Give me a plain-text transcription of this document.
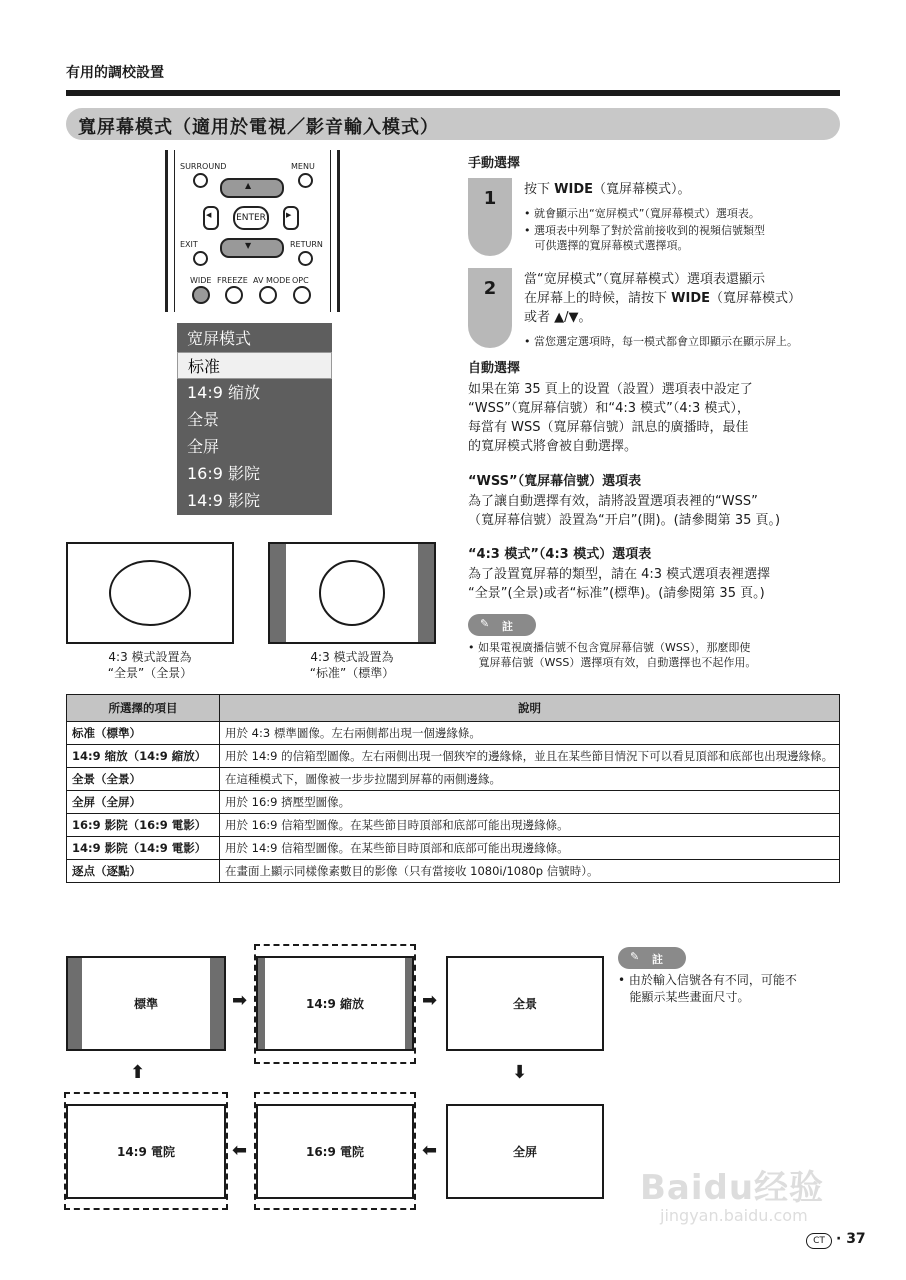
有用的調校設置
寬屏幕模式（適用於電視／影音輸入模式）
SURROUND	MENU
▲
◀	ENTER	▶
▼
EXIT	RETURN
WIDE FREEZE AV MODE OPC
宽屏模式
标准
14:9 缩放
全景
全屏
16:9 影院
14:9 影院
4:3 模式設置為
“全景”（全景）
4:3 模式設置為
“标准”（標準）
手動選擇
1	按下 WIDE（寬屏幕模式）。
• 就會顯示出“宽屏模式”（寬屏幕模式）選項表。
• 選項表中列舉了對於當前接收到的視頻信號類型
可供選擇的寬屏幕模式選擇項。
2	當“宽屏模式”（寬屏幕模式）選項表還顯示
在屏幕上的時候，請按下 WIDE（寬屏幕模式）
或者 ▲/▼。
• 當您選定選項時，每一模式都會立即顯示在顯示屏上。
自動選擇
如果在第 35 頁上的设置（設置）選項表中設定了
“WSS”（寬屏幕信號）和“4:3 模式”（4:3 模式），
每當有 WSS（寬屏幕信號）訊息的廣播時，最佳
的寬屏模式將會被自動選擇。
“WSS”（寬屏幕信號）選項表
為了讓自動選擇有效，請將設置選項表裡的“WSS”
（寬屏幕信號）設置為“开启”(開)。(請參閱第 35 頁。)
“4:3 模式”（4:3 模式）選項表
為了設置寬屏幕的類型，請在 4:3 模式選項表裡選擇
“全景”(全景)或者“标准”(標準)。(請參閱第 35 頁。)
✎ 註
• 如果電視廣播信號不包含寬屏幕信號（WSS），那麼即使
寬屏幕信號（WSS）選擇項有效，自動選擇也不起作用。
所選擇的項目	說明
标准（標準）	用於 4:3 標準圖像。左右兩側都出現一個邊緣條。
14:9 缩放（14:9 縮放）	用於 14:9 的信箱型圖像。左右兩側出現一個狹窄的邊緣條，並且在某些節目情況下可以看見頂部和底部也出現邊緣條。
全景（全景）	在這種模式下，圖像被一步步拉闊到屏幕的兩側邊緣。
全屏（全屏）	用於 16:9 擠壓型圖像。
16:9 影院（16:9 電影）	用於 16:9 信箱型圖像。在某些節目時頂部和底部可能出現邊緣條。
14:9 影院（14:9 電影）	用於 14:9 信箱型圖像。在某些節目時頂部和底部可能出現邊緣條。
逐点（逐點）	在畫面上顯示同樣像素數目的影像（只有當接收 1080i/1080p 信號時）。
標準	➡	14:9 縮放	➡	全景
⬆	⬇
14:9 電院	⬅	16:9 電院	⬅	全屏
✎ 註
• 由於輸入信號各有不同，可能不
能顯示某些畫面尺寸。
Baidu经验
jingyan.baidu.com
CT · 37
